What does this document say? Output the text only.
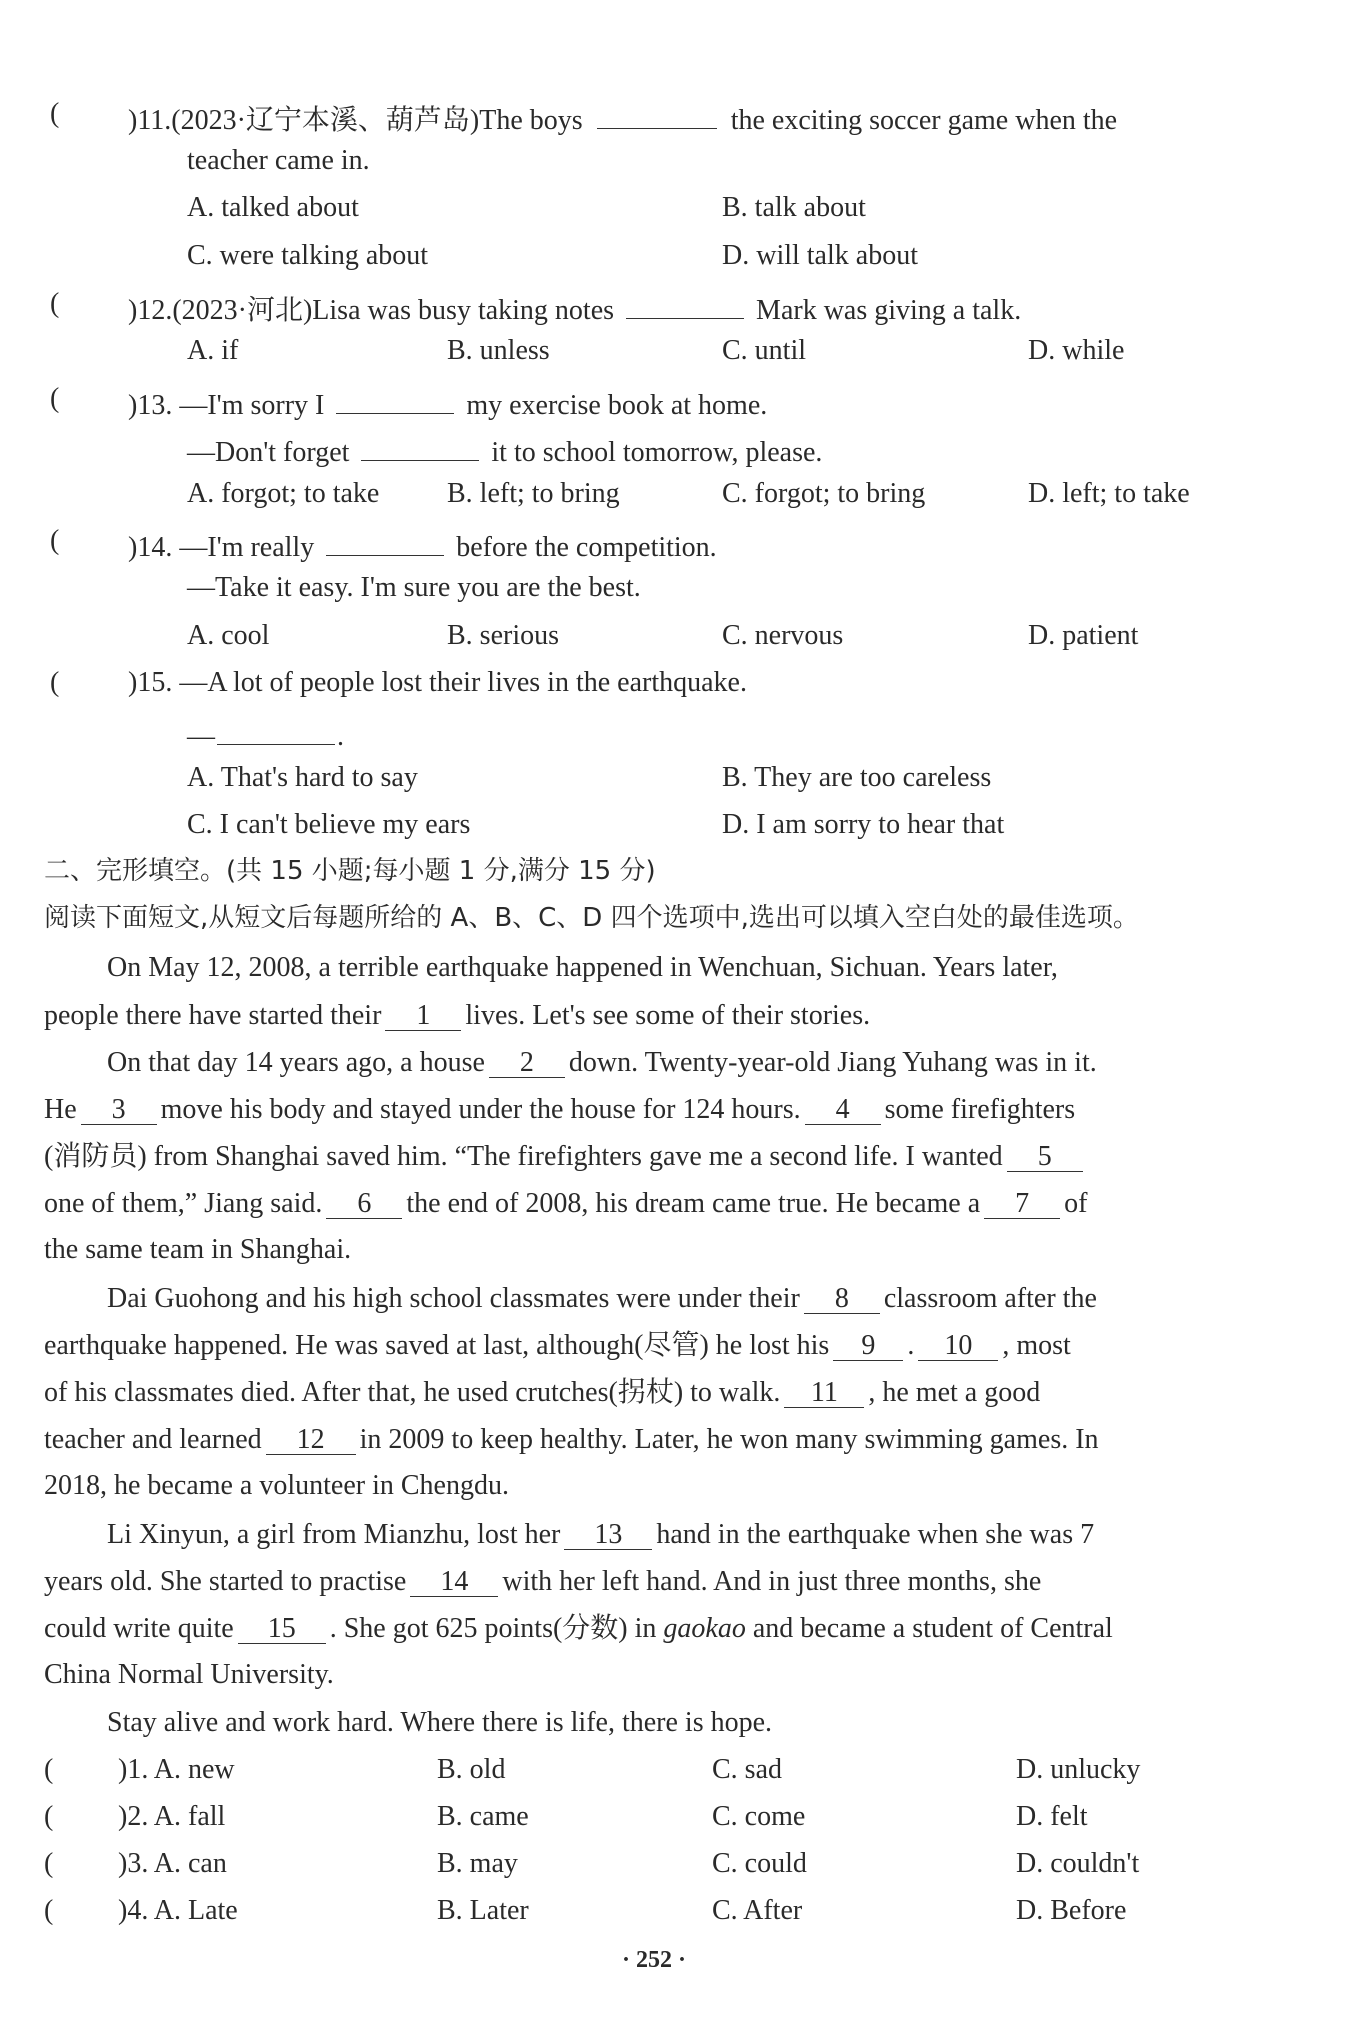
( )11.(2023·辽宁本溪、葫芦岛)The boys	the exciting soccer game when the
teacher came in.
A. talked about	B. talk about
C. were talking about	D. will talk about
( )12.(2023·河北)Lisa was busy taking notes	Mark was giving a talk.
A. if	B. unless	C. until	D. while
( )13. —I'm sorry I	my exercise book at home.
—Don't forget	it to school tomorrow, please.
A. forgot; to take B. left; to bring	C. forgot; to bring	D. left; to take
( )14. —I'm really	before the competition.
—Take it easy. I'm sure you are the best.
A. cool	B. serious	C. nervous	D. patient
( )15. —A lot of people lost their lives in the earthquake.
—	.
A. That's hard to say	B. They are too careless
C. I can't believe my ears	D. I am sorry to hear that
二、完形填空。(共 15 小题;每小题 1 分,满分 15 分)
阅读下面短文,从短文后每题所给的 A、B、C、D 四个选项中,选出可以填入空白处的最佳选项。
On May 12, 2008, a terrible earthquake happened in Wenchuan, Sichuan. Years later,
people there have started their 1 lives. Let's see some of their stories.
On that day 14 years ago, a house 2 down. Twenty-year-old Jiang Yuhang was in it.
He 3 move his body and stayed under the house for 124 hours. 4 some firefighters
(消防员) from Shanghai saved him. “The firefighters gave me a second life. I wanted 5
one of them,” Jiang said. 6 the end of 2008, his dream came true. He became a 7 of
the same team in Shanghai.
Dai Guohong and his high school classmates were under their 8 classroom after the
earthquake happened. He was saved at last, although(尽管) he lost his 9 . 10 , most
of his classmates died. After that, he used crutches(拐杖) to walk. 11 , he met a good
teacher and learned 12 in 2009 to keep healthy. Later, he won many swimming games. In
2018, he became a volunteer in Chengdu.
Li Xinyun, a girl from Mianzhu, lost her 13 hand in the earthquake when she was 7
years old. She started to practise 14 with her left hand. And in just three months, she
could write quite 15 . She got 625 points(分数) in gaokao and became a student of Central
China Normal University.
Stay alive and work hard. Where there is life, there is hope.
( )1. A. new	B. old	C. sad	D. unlucky
( )2. A. fall	B. came	C. come	D. felt
( )3. A. can	B. may	C. could	D. couldn't
( )4. A. Late	B. Later	C. After	D. Before
· 252 ·
